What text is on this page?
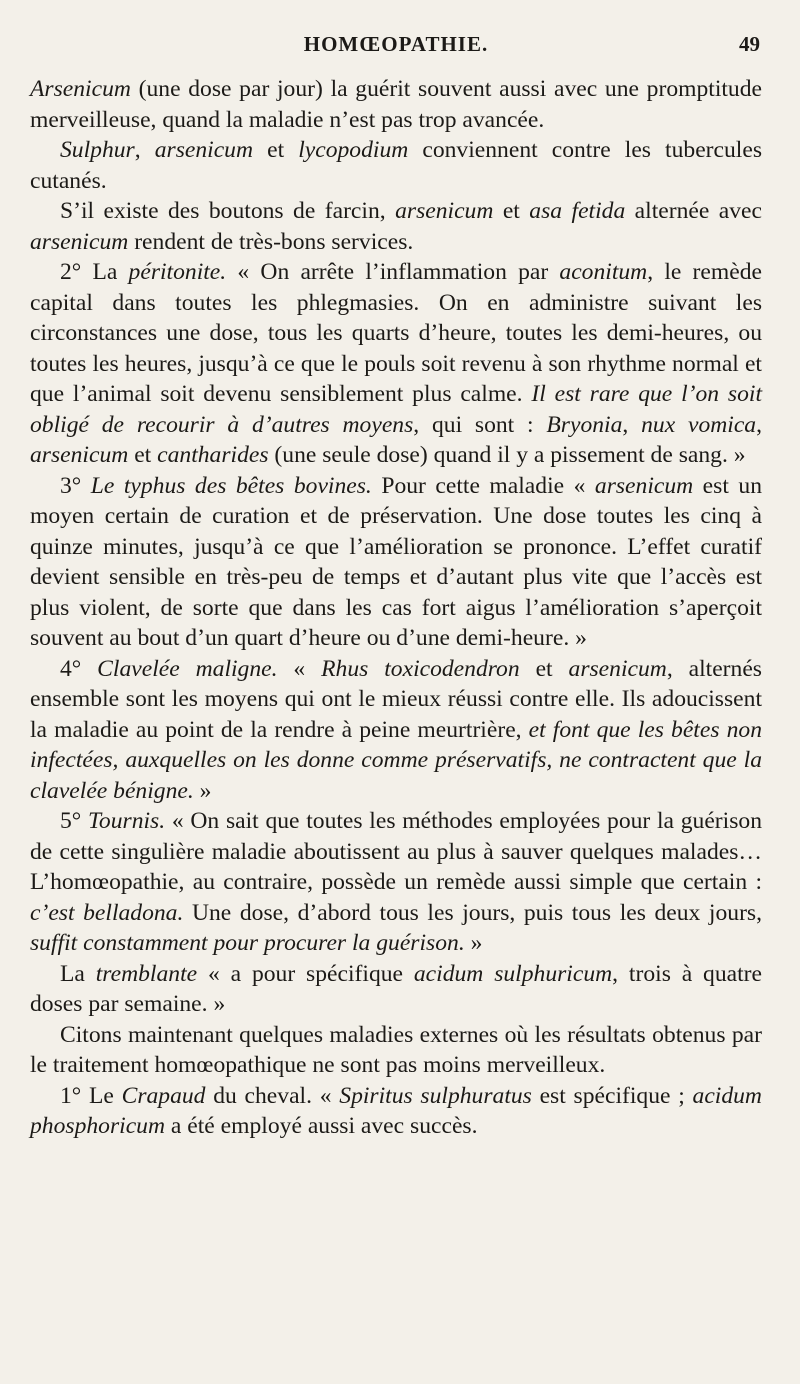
HOMŒOPATHIE.	49

Arsenicum (une dose par jour) la guérit souvent aussi avec une promptitude merveilleuse, quand la maladie n’est pas trop avancée.

Sulphur, arsenicum et lycopodium conviennent contre les tubercules cutanés.

S’il existe des boutons de farcin, arsenicum et asa fetida alternée avec arsenicum rendent de très-bons services.

2° La péritonite. « On arrête l’inflammation par aconitum, le remède capital dans toutes les phlegmasies. On en administre suivant les circonstances une dose, tous les quarts d’heure, toutes les demi-heures, ou toutes les heures, jusqu’à ce que le pouls soit revenu à son rhythme normal et que l’animal soit devenu sensiblement plus calme. Il est rare que l’on soit obligé de recourir à d’autres moyens, qui sont : Bryonia, nux vomica, arsenicum et cantharides (une seule dose) quand il y a pissement de sang. »

3° Le typhus des bêtes bovines. Pour cette maladie « arsenicum est un moyen certain de curation et de préservation. Une dose toutes les cinq à quinze minutes, jusqu’à ce que l’amélioration se prononce. L’effet curatif devient sensible en très-peu de temps et d’autant plus vite que l’accès est plus violent, de sorte que dans les cas fort aigus l’amélioration s’aperçoit souvent au bout d’un quart d’heure ou d’une demi-heure. »

4° Clavelée maligne. « Rhus toxicodendron et arsenicum, alternés ensemble sont les moyens qui ont le mieux réussi contre elle. Ils adoucissent la maladie au point de la rendre à peine meurtrière, et font que les bêtes non infectées, auxquelles on les donne comme préservatifs, ne contractent que la clavelée bénigne. »

5° Tournis. « On sait que toutes les méthodes employées pour la guérison de cette singulière maladie aboutissent au plus à sauver quelques malades… L’homœopathie, au contraire, possède un remède aussi simple que certain : c’est belladona. Une dose, d’abord tous les jours, puis tous les deux jours, suffit constamment pour procurer la guérison. »

La tremblante « a pour spécifique acidum sulphuricum, trois à quatre doses par semaine. »

Citons maintenant quelques maladies externes où les résultats obtenus par le traitement homœopathique ne sont pas moins merveilleux.

1° Le Crapaud du cheval. « Spiritus sulphuratus est spécifique ; acidum phosphoricum a été employé aussi avec succès.
